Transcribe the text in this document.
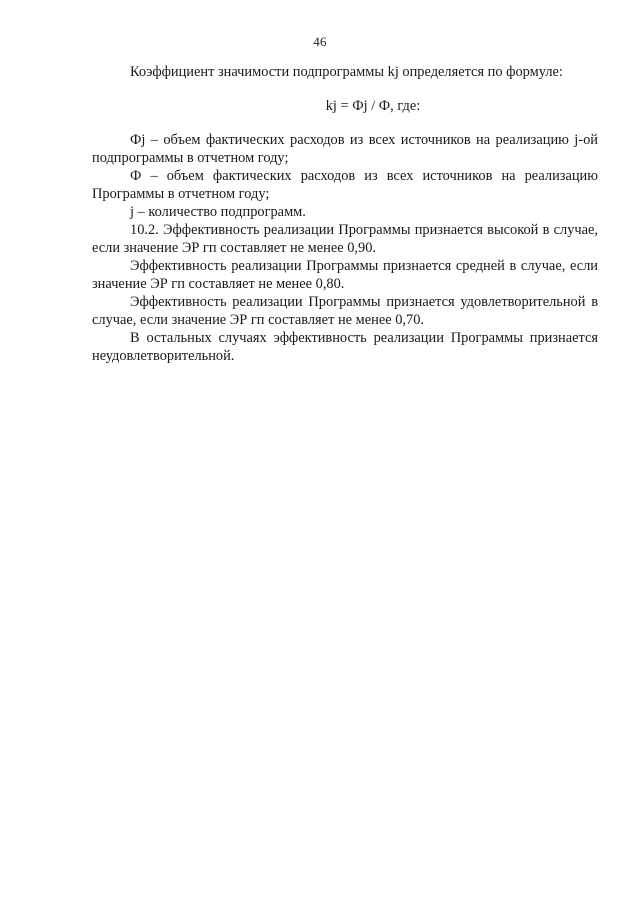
46

Коэффициент значимости подпрограммы kj определяется по формуле:

kj = Фj / Ф, где:

Фj – объем фактических расходов из всех источников на реализацию j-ой подпрограммы в отчетном году;

Ф – объем фактических расходов из всех источников на реализацию Программы в отчетном году;

j – количество подпрограмм.

10.2. Эффективность реализации Программы признается высокой в случае, если значение ЭР гп составляет не менее 0,90.

Эффективность реализации Программы признается средней в случае, если значение ЭР гп составляет не менее 0,80.

Эффективность реализации Программы признается удовлетворительной в случае, если значение ЭР гп составляет не менее 0,70.

В остальных случаях эффективность реализации Программы признается неудовлетворительной.
